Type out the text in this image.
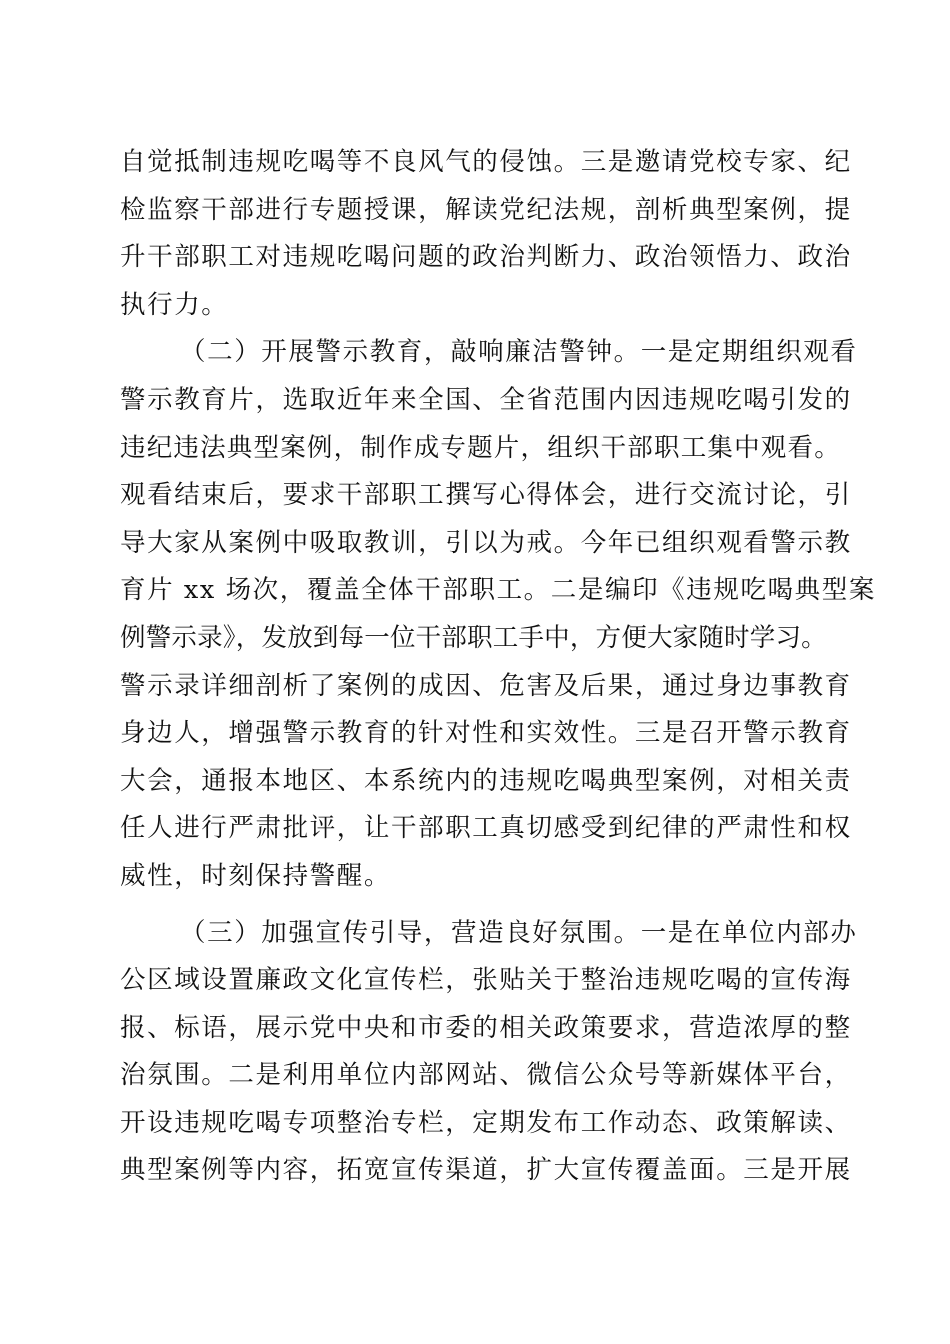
自觉抵制违规吃喝等不良风气的侵蚀。三是邀请党校专家、纪
检监察干部进行专题授课，解读党纪法规，剖析典型案例，提
升干部职工对违规吃喝问题的政治判断力、政治领悟力、政治
执行力。
（二）开展警示教育，敲响廉洁警钟。一是定期组织观看
警示教育片，选取近年来全国、全省范围内因违规吃喝引发的
违纪违法典型案例，制作成专题片，组织干部职工集中观看。
观看结束后，要求干部职工撰写心得体会，进行交流讨论，引
导大家从案例中吸取教训，引以为戒。今年已组织观看警示教
育片 xx 场次，覆盖全体干部职工。二是编印《违规吃喝典型案
例警示录》，发放到每一位干部职工手中，方便大家随时学习。
警示录详细剖析了案例的成因、危害及后果，通过身边事教育
身边人，增强警示教育的针对性和实效性。三是召开警示教育
大会，通报本地区、本系统内的违规吃喝典型案例，对相关责
任人进行严肃批评，让干部职工真切感受到纪律的严肃性和权
威性，时刻保持警醒。
（三）加强宣传引导，营造良好氛围。一是在单位内部办
公区域设置廉政文化宣传栏，张贴关于整治违规吃喝的宣传海
报、标语，展示党中央和市委的相关政策要求，营造浓厚的整
治氛围。二是利用单位内部网站、微信公众号等新媒体平台，
开设违规吃喝专项整治专栏，定期发布工作动态、政策解读、
典型案例等内容，拓宽宣传渠道，扩大宣传覆盖面。三是开展
